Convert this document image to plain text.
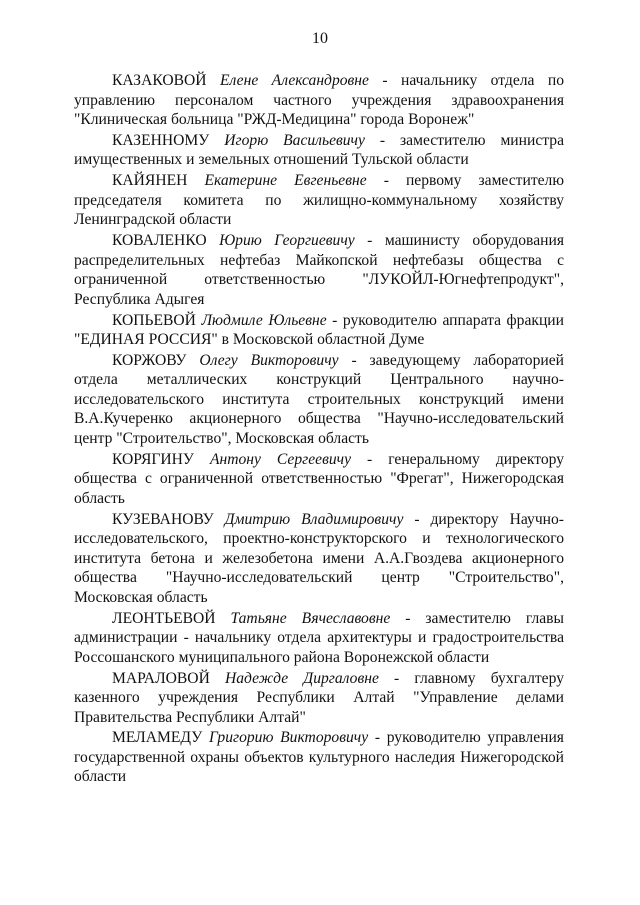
10

КАЗАКОВОЙ Елене Александровне - начальнику отдела по управлению персоналом частного учреждения здравоохранения "Клиническая больница "РЖД-Медицина" города Воронеж"

КАЗЕННОМУ Игорю Васильевичу - заместителю министра имущественных и земельных отношений Тульской области

КАЙЯНЕН Екатерине Евгеньевне - первому заместителю председателя комитета по жилищно-коммунальному хозяйству Ленинградской области

КОВАЛЕНКО Юрию Георгиевичу - машинисту оборудования распределительных нефтебаз Майкопской нефтебазы общества с ограниченной ответственностью "ЛУКОЙЛ-Югнефтепродукт", Республика Адыгея

КОПЬЕВОЙ Людмиле Юльевне - руководителю аппарата фракции "ЕДИНАЯ РОССИЯ" в Московской областной Думе

КОРЖОВУ Олегу Викторовичу - заведующему лабораторией отдела металлических конструкций Центрального научно-исследовательского института строительных конструкций имени В.А.Кучеренко акционерного общества "Научно-исследовательский центр "Строительство", Московская область

КОРЯГИНУ Антону Сергеевичу - генеральному директору общества с ограниченной ответственностью "Фрегат", Нижегородская область

КУЗЕВАНОВУ Дмитрию Владимировичу - директору Научно-исследовательского, проектно-конструкторского и технологического института бетона и железобетона имени А.А.Гвоздева акционерного общества "Научно-исследовательский центр "Строительство", Московская область

ЛЕОНТЬЕВОЙ Татьяне Вячеславовне - заместителю главы администрации - начальнику отдела архитектуры и градостроительства Россошанского муниципального района Воронежской области

МАРАЛОВОЙ Надежде Диргаловне - главному бухгалтеру казенного учреждения Республики Алтай "Управление делами Правительства Республики Алтай"

МЕЛАМЕДУ Григорию Викторовичу - руководителю управления государственной охраны объектов культурного наследия Нижегородской области
